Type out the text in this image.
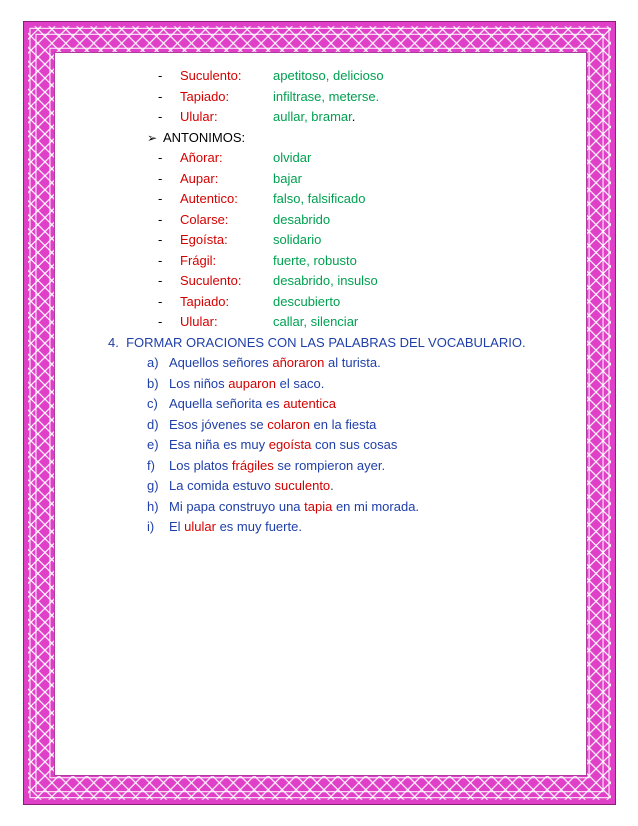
- Suculento: apetitoso, delicioso
- Tapiado:	infiltrase, meterse.
- Ulular:	aullar, bramar.
➢ ANTONIMOS:
- Añorar:	olvidar
- Aupar:	bajar
- Autentico:	falso, falsificado
- Colarse:	desabrido
- Egoísta:	solidario
- Frágil:	fuerte, robusto
- Suculento: desabrido, insulso
- Tapiado:	descubierto
- Ulular:	callar, silenciar
4. FORMAR ORACIONES CON LAS PALABRAS DEL VOCABULARIO.
a) Aquellos señores añoraron al turista.
b) Los niños auparon el saco.
c) Aquella señorita es autentica
d) Esos jóvenes se colaron en la fiesta
e) Esa niña es muy egoísta con sus cosas
f) Los platos frágiles se rompieron ayer.
g) La comida estuvo suculento.
h) Mi papa construyo una tapia en mi morada.
i) El ulular es muy fuerte.
